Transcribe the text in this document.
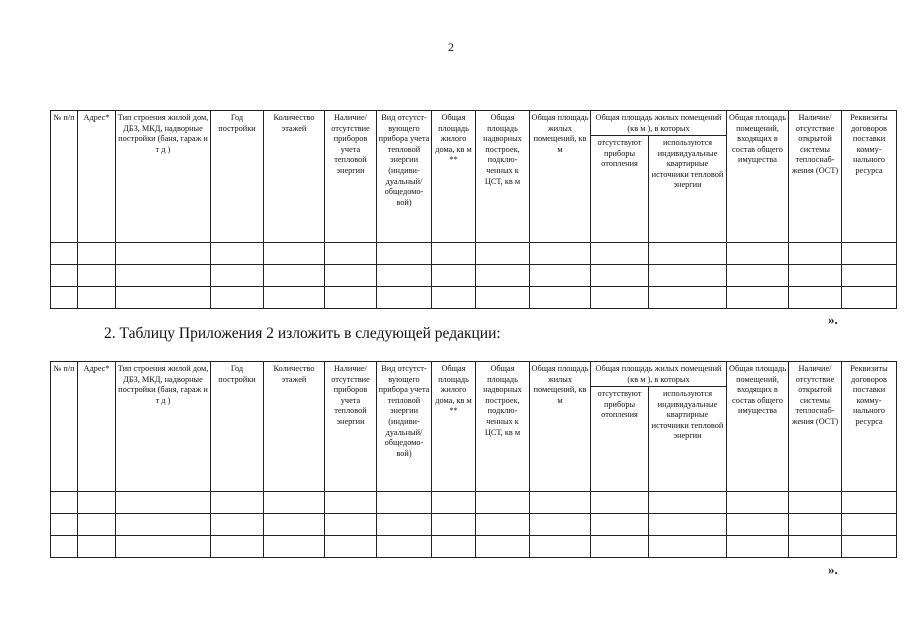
2
№ п/п	Адрес*	Тип строения жилой дом, ДБЗ, МКД, надворные постройки (баня, гараж и т д )	Год постройки	Количество этажей	Наличие/ отсутствие приборов учета тепловой энергии	Вид отсутст-вующего прибора учета тепловой энергии (индиви-дуальный/ общедомо-вой)	Общая площадь жилого дома, кв м **	Общая площадь надворных построек, подклю-ченных к ЦСТ, кв м	Общая площадь жилых помещений, кв м	Общая площадь жилых помещений (кв м ), в которых		Общая площадь помещений, входящих в состав общего имущества	Наличие/ отсутствие открытой системы теплоснаб-жения (ОСТ)	Реквизиты договоров поставки комму-нального ресурса
										отсутствуют приборы отопления	используются индивидуальные квартирные источники тепловой энергии			

».
2. Таблицу Приложения 2 изложить в следующей редакции:
№ п/п	Адрес*	Тип строения жилой дом, ДБЗ, МКД, надворные постройки (баня, гараж и т д )	Год постройки	Количество этажей	Наличие/ отсутствие приборов учета тепловой энергии	Вид отсутст-вующего прибора учета тепловой энергии (индиви-дуальный/ общедомо-вой)	Общая площадь жилого дома, кв м **	Общая площадь надворных построек, подклю-ченных к ЦСТ, кв м	Общая площадь жилых помещений, кв м	Общая площадь жилых помещений (кв м ), в которых		Общая площадь помещений, входящих в состав общего имущества	Наличие/ отсутствие открытой системы теплоснаб-жения (ОСТ)	Реквизиты договоров поставки комму-нального ресурса
										отсутствуют приборы отопления	используются индивидуальные квартирные источники тепловой энергии			

».
